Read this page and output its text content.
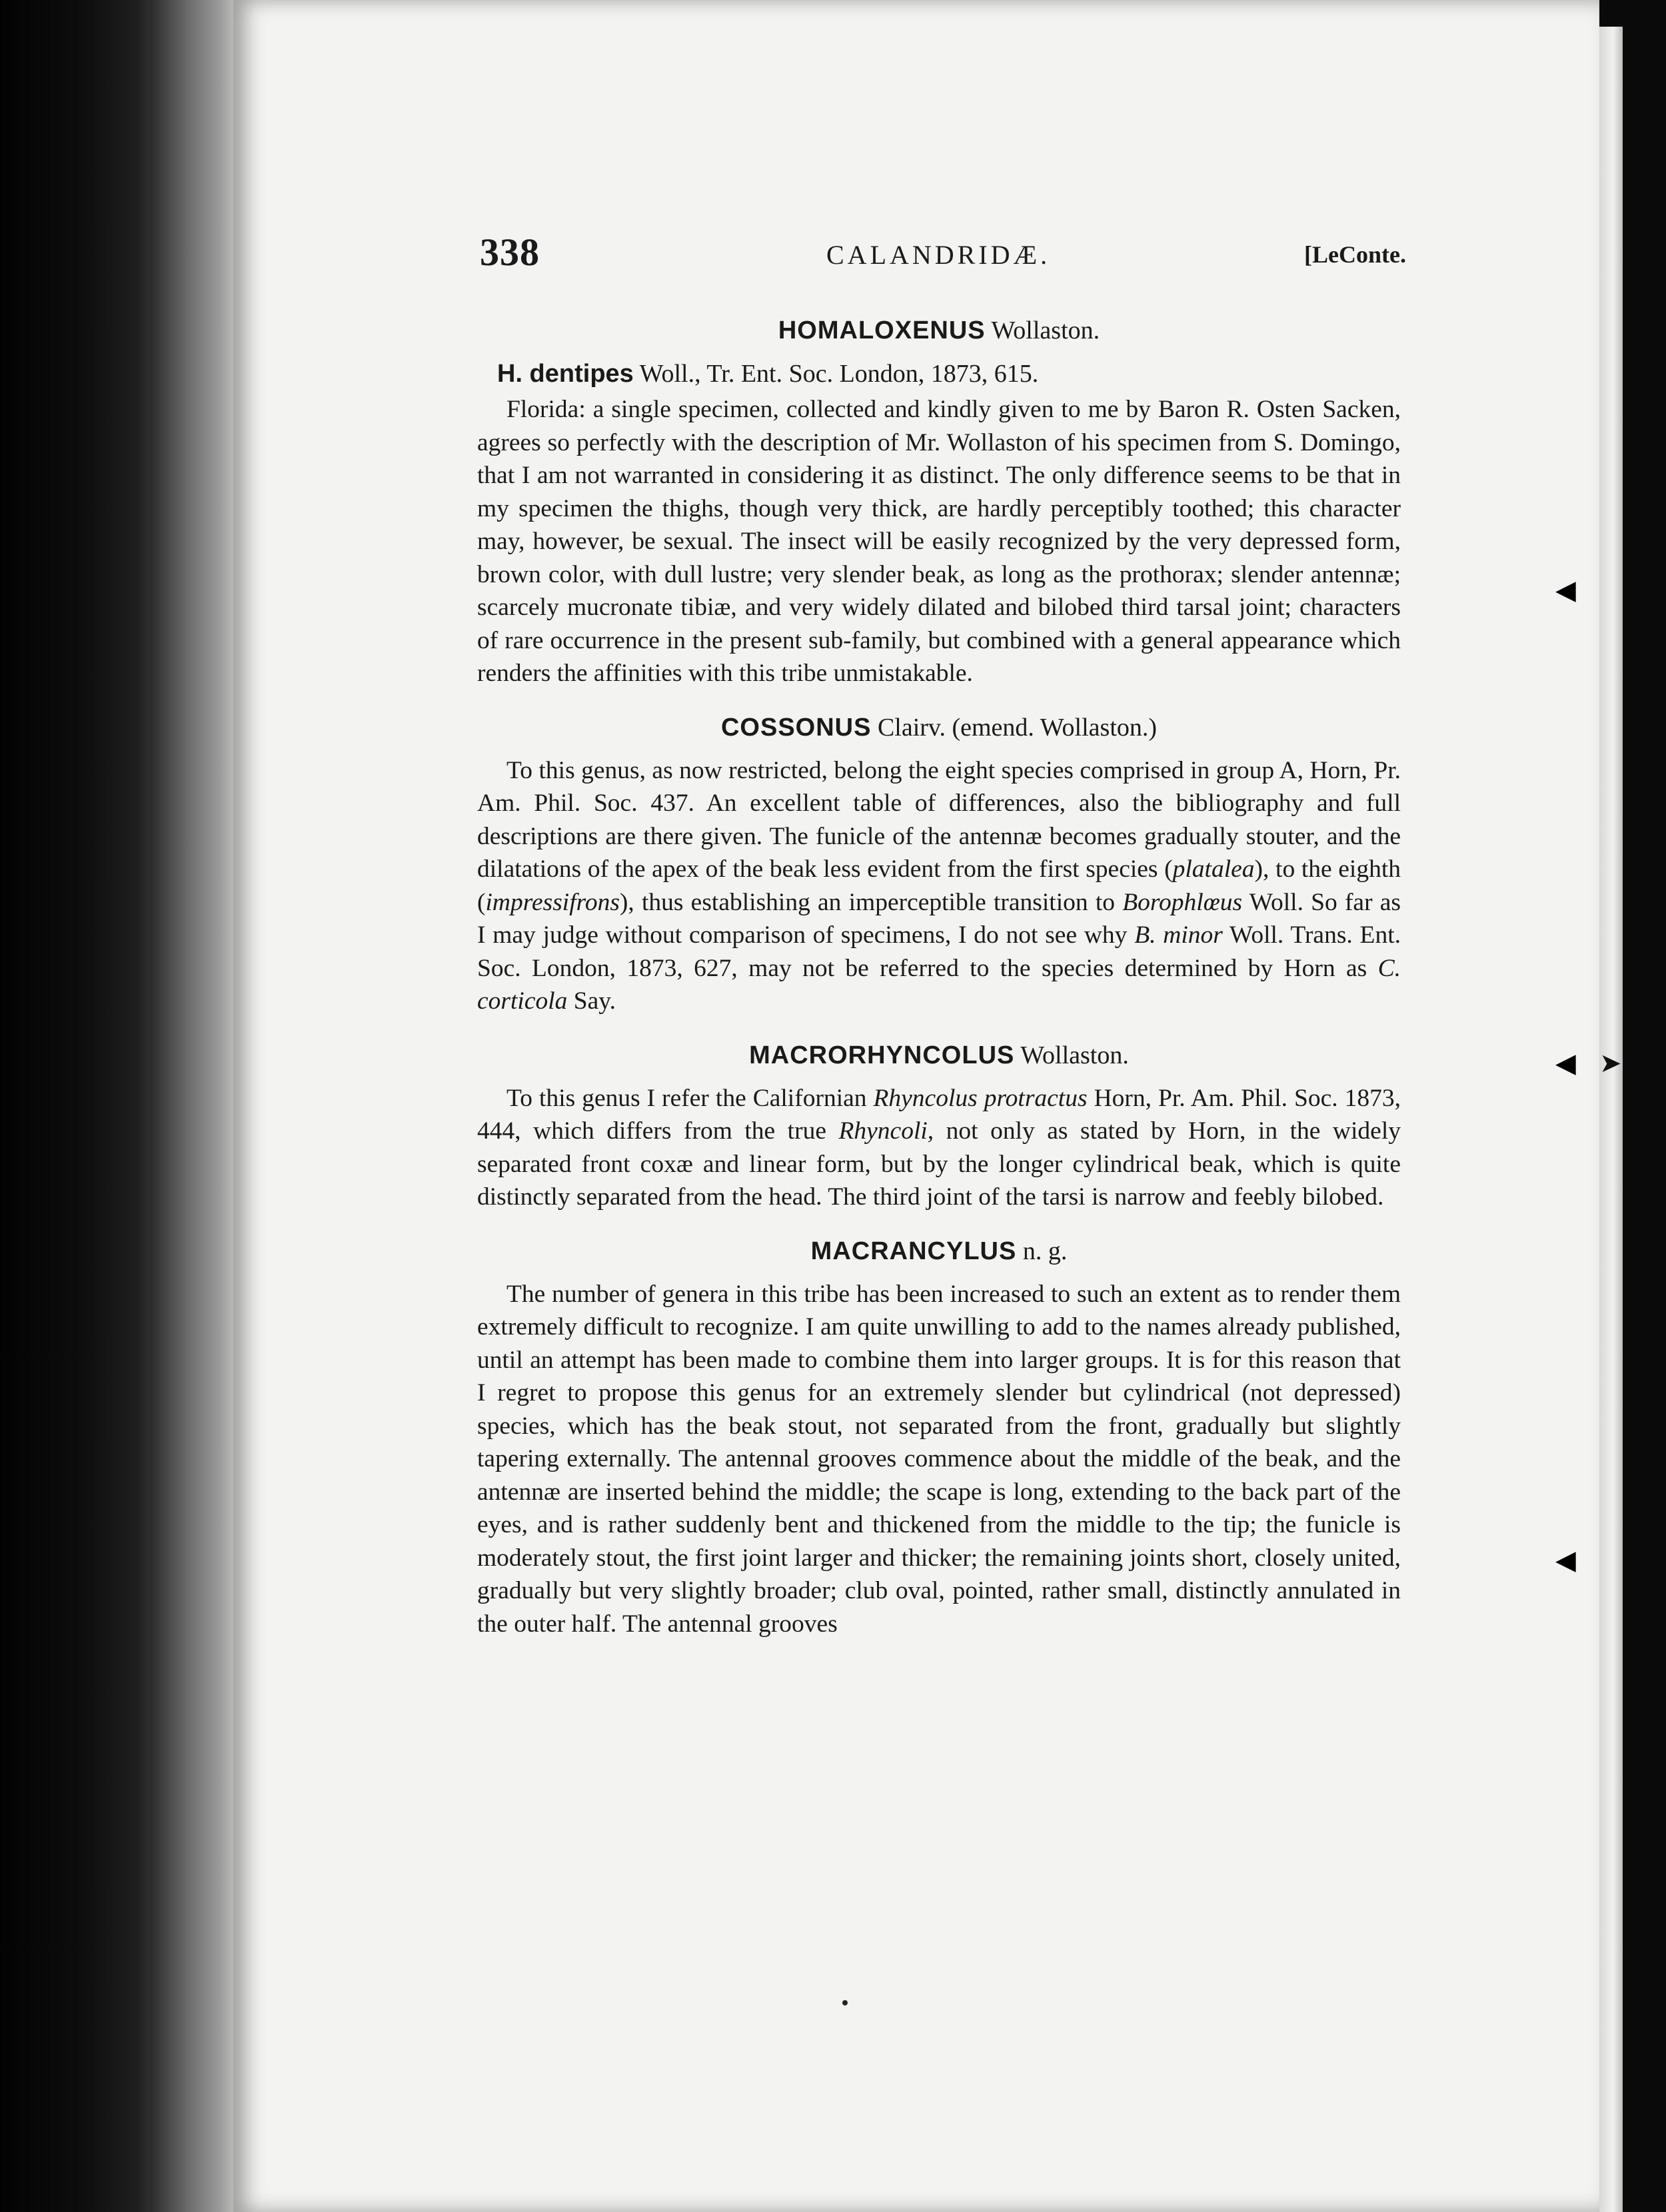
338	CALANDRIDÆ.	[LeConte.
HOMALOXENUS Wollaston.
H. dentipes Woll., Tr. Ent. Soc. London, 1873, 615.

Florida: a single specimen, collected and kindly given to me by Baron R. Osten Sacken, agrees so perfectly with the description of Mr. Wollaston of his specimen from S. Domingo, that I am not warranted in considering it as distinct. The only difference seems to be that in my specimen the thighs, though very thick, are hardly perceptibly toothed; this character may, however, be sexual. The insect will be easily recognized by the very depressed form, brown color, with dull lustre; very slender beak, as long as the prothorax; slender antennæ; scarcely mucronate tibiæ, and very widely dilated and bilobed third tarsal joint; characters of rare occurrence in the present sub-family, but combined with a general appearance which renders the affinities with this tribe unmistakable.

COSSONUS Clairv. (emend. Wollaston.)

To this genus, as now restricted, belong the eight species comprised in group A, Horn, Pr. Am. Phil. Soc. 437. An excellent table of differences, also the bibliography and full descriptions are there given. The funicle of the antennæ becomes gradually stouter, and the dilatations of the apex of the beak less evident from the first species (platalea), to the eighth (impressifrons), thus establishing an imperceptible transition to Borophlœus Woll. So far as I may judge without comparison of specimens, I do not see why B. minor Woll. Trans. Ent. Soc. London, 1873, 627, may not be referred to the species determined by Horn as C. corticola Say.

MACRORHYNCOLUS Wollaston.

To this genus I refer the Californian Rhyncolus protractus Horn, Pr. Am. Phil. Soc. 1873, 444, which differs from the true Rhyncoli, not only as stated by Horn, in the widely separated front coxæ and linear form, but by the longer cylindrical beak, which is quite distinctly separated from the head. The third joint of the tarsi is narrow and feebly bilobed.

MACRANCYLUS n. g.

The number of genera in this tribe has been increased to such an extent as to render them extremely difficult to recognize. I am quite unwilling to add to the names already published, until an attempt has been made to combine them into larger groups. It is for this reason that I regret to propose this genus for an extremely slender but cylindrical (not depressed) species, which has the beak stout, not separated from the front, gradually but slightly tapering externally. The antennal grooves commence about the middle of the beak, and the antennæ are inserted behind the middle; the scape is long, extending to the back part of the eyes, and is rather suddenly bent and thickened from the middle to the tip; the funicle is moderately stout, the first joint larger and thicker; the remaining joints short, closely united, gradually but very slightly broader; club oval, pointed, rather small, distinctly annulated in the outer half. The antennal grooves

◀
◀
◀
➤
